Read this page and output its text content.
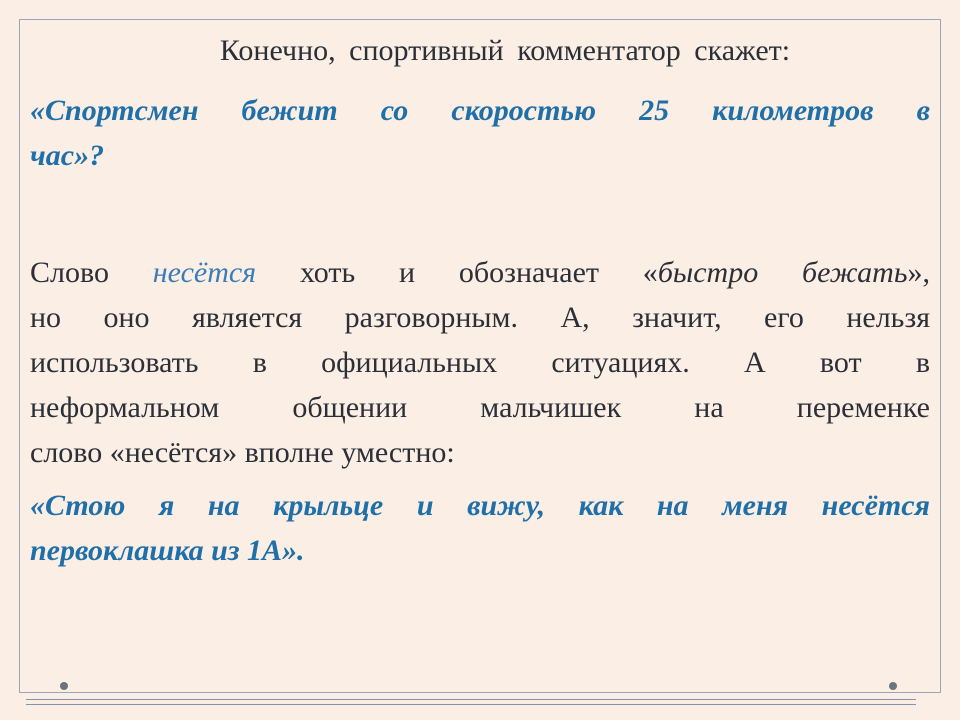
Конечно, спортивный комментатор скажет:
«Спортсмен бежит со скоростью 25 километров в
час»?
Слово несётся хоть и обозначает «быстро бежать»,
но оно является разговорным. А, значит, его нельзя
использовать в официальных ситуациях. А вот в
неформальном общении мальчишек на переменке
слово «несётся» вполне уместно:
«Стою я на крыльце и вижу, как на меня несётся
первоклашка из 1А».
